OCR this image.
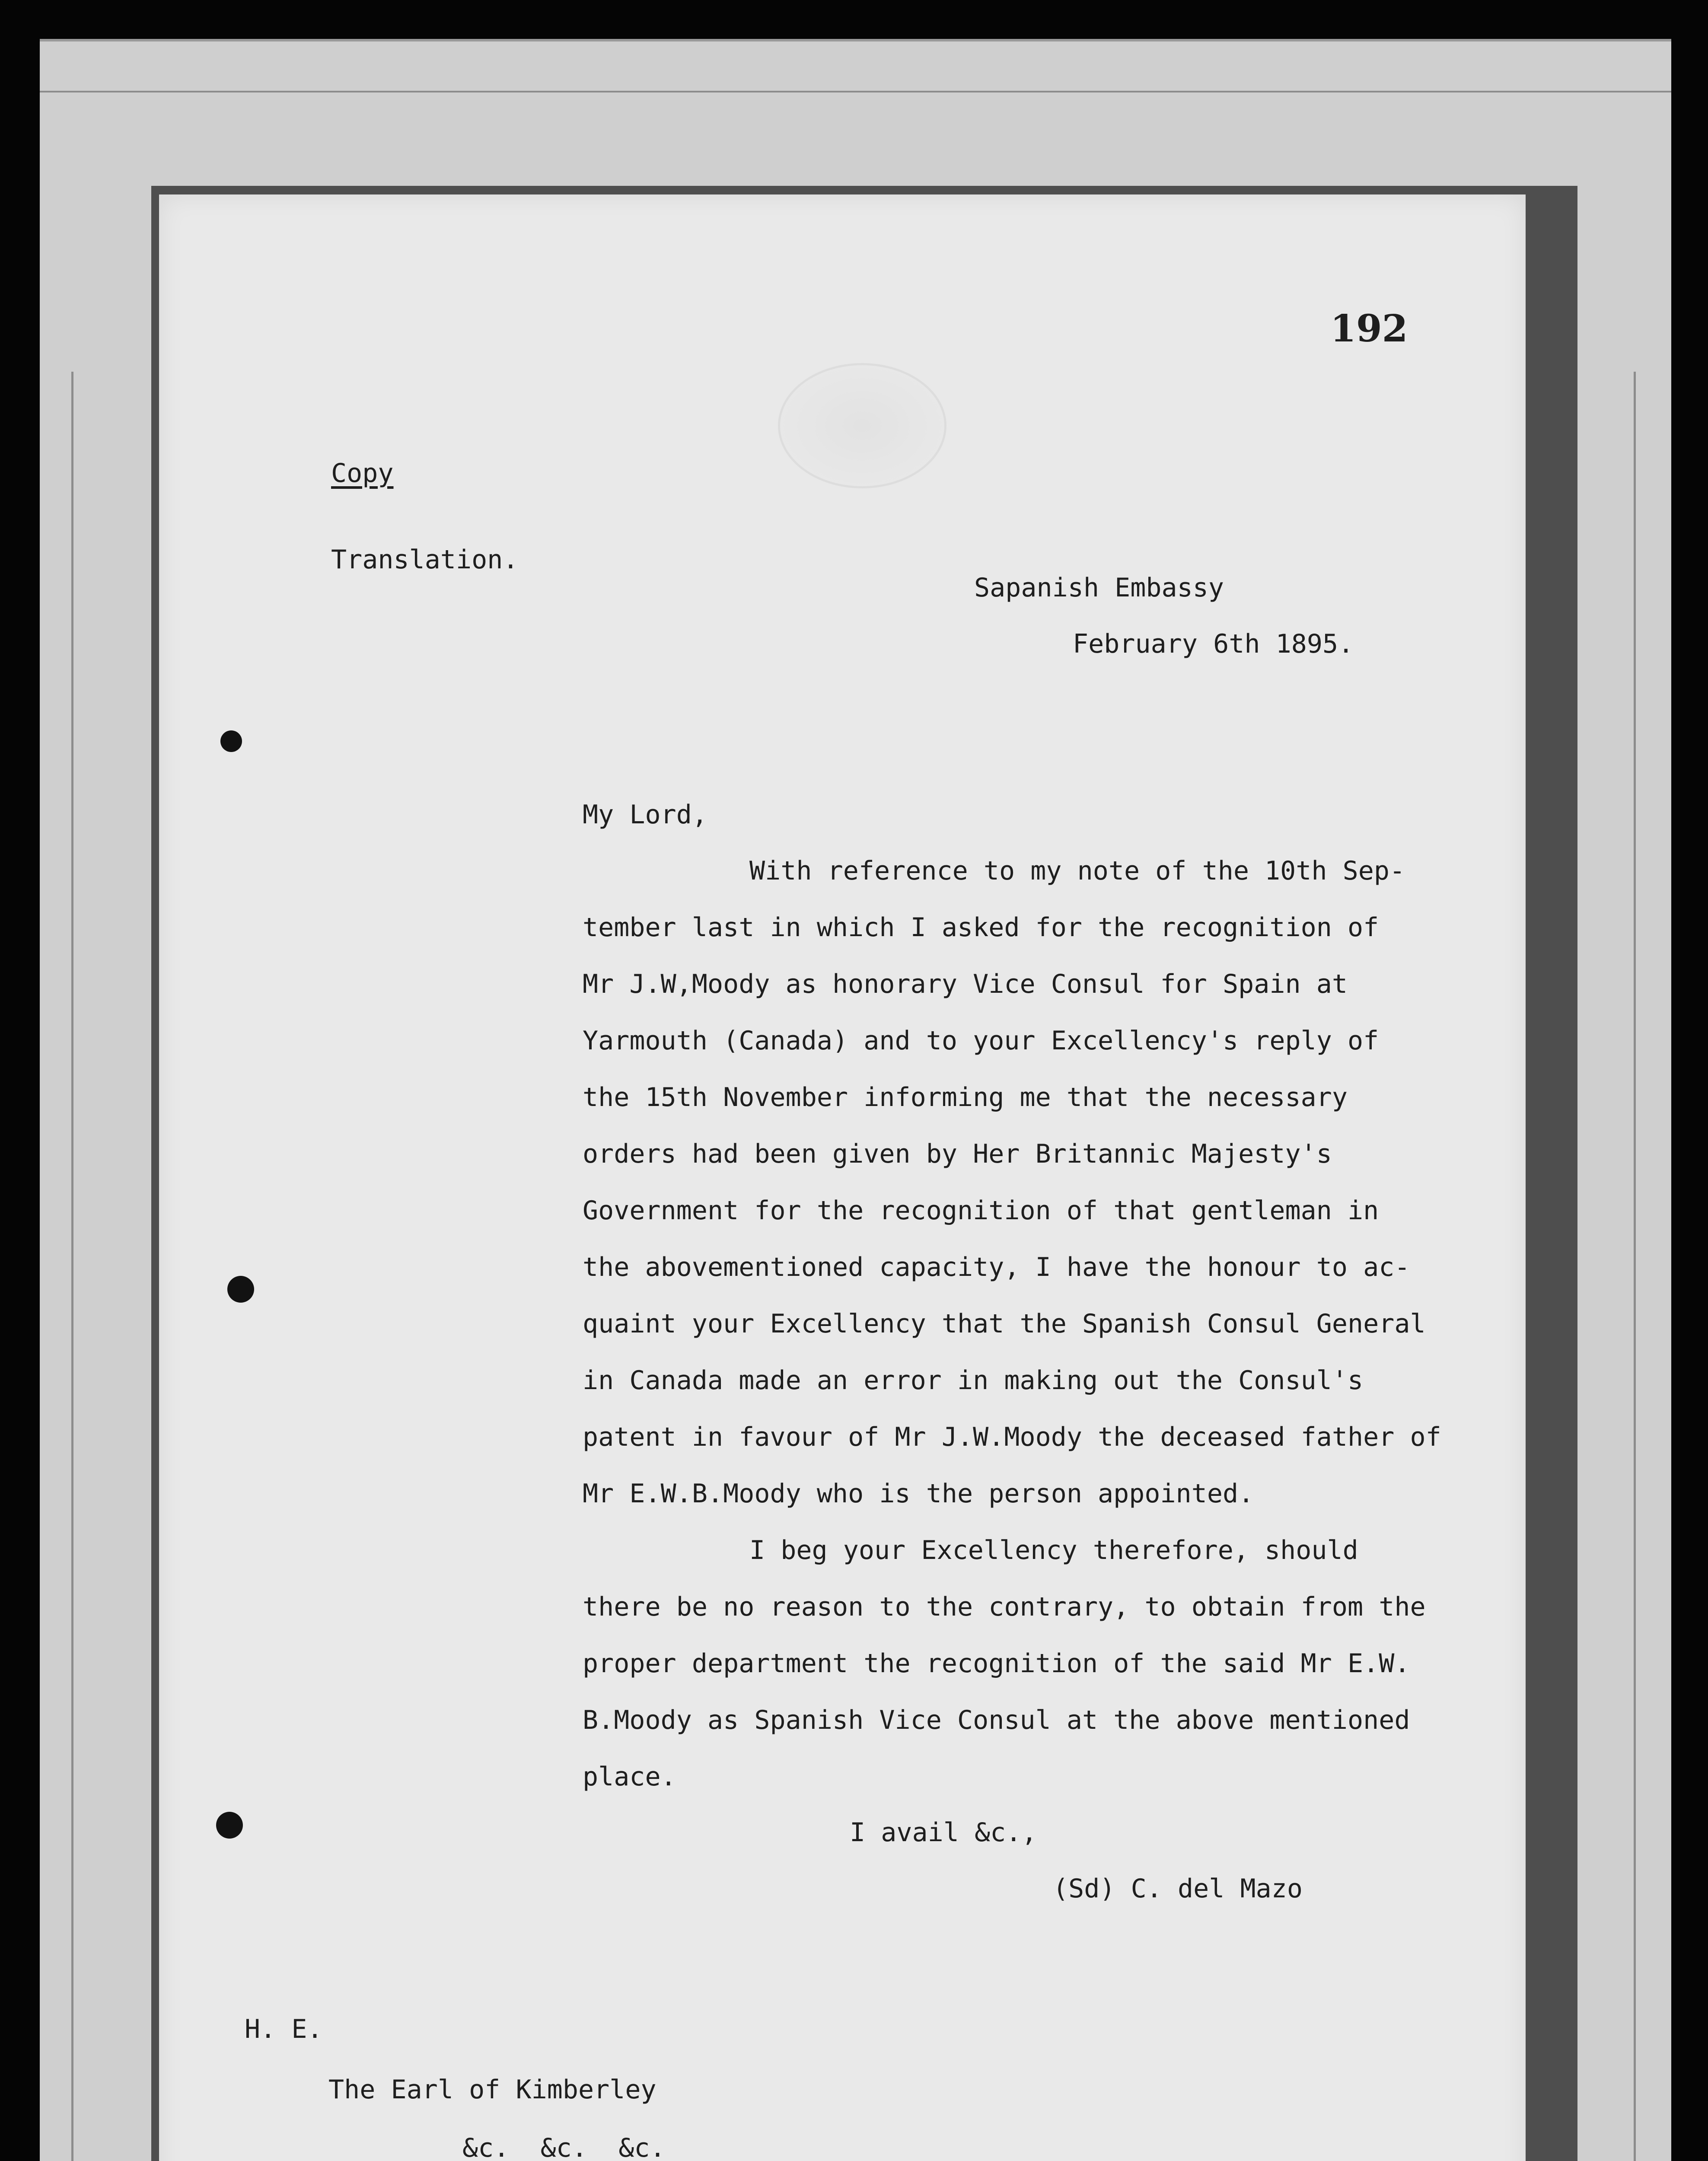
192

Copy

Translation.

Sapanish Embassy

February 6th 1895.

My Lord,

With reference to my note of the 10th Sep-

tember last in which I asked for the recognition of

Mr J.W,Moody as honorary Vice Consul for Spain at

Yarmouth (Canada) and to your Excellency's reply of

the 15th November informing me that the necessary

orders had been given by Her Britannic Majesty's

Government for the recognition of that gentleman in

the abovementioned capacity, I have the honour to ac-

quaint your Excellency that the Spanish Consul General

in Canada made an error in making out the Consul's

patent in favour of Mr J.W.Moody the deceased father of

Mr E.W.B.Moody who is the person appointed.

I beg your Excellency therefore, should

there be no reason to the contrary, to obtain from the

proper department the recognition of the said Mr E.W.

B.Moody as Spanish Vice Consul at the above mentioned

place.

I avail &c.,

(Sd) C. del Mazo

H. E.

The Earl of Kimberley

&c.  &c.  &c.
